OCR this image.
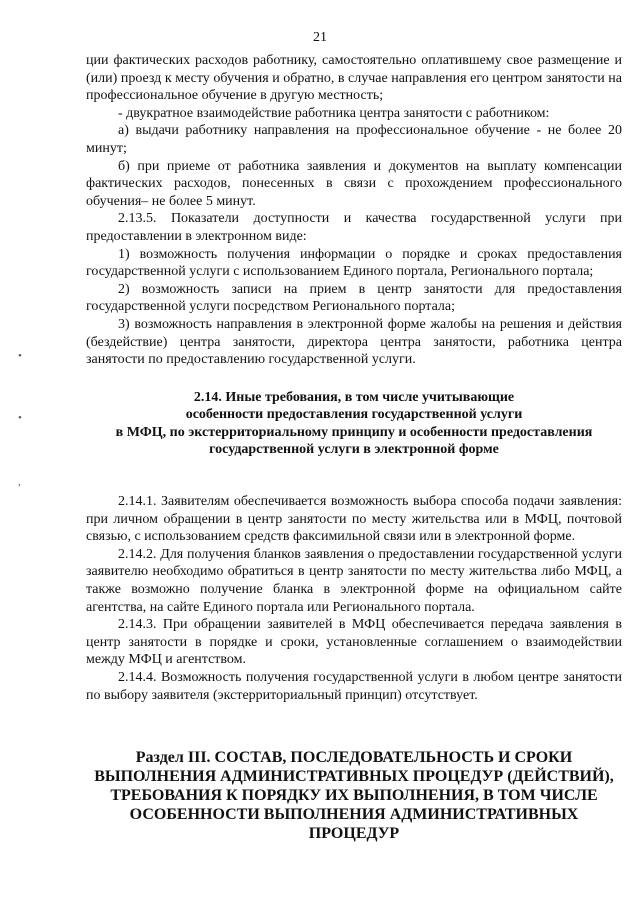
21
•
•
,

ции фактических расходов работнику, самостоятельно оплатившему свое размещение и (или) проезд к месту обучения и обратно, в случае направления его центром занятости на профессиональное обучение в другую местность;

- двукратное взаимодействие работника центра занятости с работником:

а) выдачи работнику направления на профессиональное обучение - не более 20 минут;

б) при приеме от работника заявления и документов на выплату компенсации фактических расходов, понесенных в связи с прохождением профессионального обучения– не более 5 минут.

2.13.5. Показатели доступности и качества государственной услуги при предоставлении в электронном виде:

1) возможность получения информации о порядке и сроках предоставления государственной услуги с использованием Единого портала, Регионального портала;

2) возможность записи на прием в центр занятости для предоставления государственной услуги посредством Регионального портала;

3) возможность направления в электронной форме жалобы на решения и действия (бездействие) центра занятости, директора центра занятости, работника центра занятости по предоставлению государственной услуги.

2.14. Иные требования, в том числе учитывающие
особенности предоставления государственной услуги
в МФЦ, по экстерриториальному принципу и особенности предоставления
государственной услуги в электронной форме

2.14.1. Заявителям обеспечивается возможность выбора способа подачи заявления: при личном обращении в центр занятости по месту жительства или в МФЦ, почтовой связью, с использованием средств факсимильной связи или в электронной форме.

2.14.2. Для получения бланков заявления о предоставлении государственной услуги заявителю необходимо обратиться в центр занятости по месту жительства либо МФЦ, а также возможно получение бланка в электронной форме на официальном сайте агентства, на сайте Единого портала или Регионального портала.

2.14.3. При обращении заявителей в МФЦ обеспечивается передача заявления в центр занятости в порядке и сроки, установленные соглашением о взаимодействии между МФЦ и агентством.

2.14.4. Возможность получения государственной услуги в любом центре занятости по выбору заявителя (экстерриториальный принцип) отсутствует.

Раздел III. СОСТАВ, ПОСЛЕДОВАТЕЛЬНОСТЬ И СРОКИ
ВЫПОЛНЕНИЯ АДМИНИСТРАТИВНЫХ ПРОЦЕДУР (ДЕЙСТВИЙ),
ТРЕБОВАНИЯ К ПОРЯДКУ ИХ ВЫПОЛНЕНИЯ, В ТОМ ЧИСЛЕ
ОСОБЕННОСТИ ВЫПОЛНЕНИЯ АДМИНИСТРАТИВНЫХ ПРОЦЕДУР
